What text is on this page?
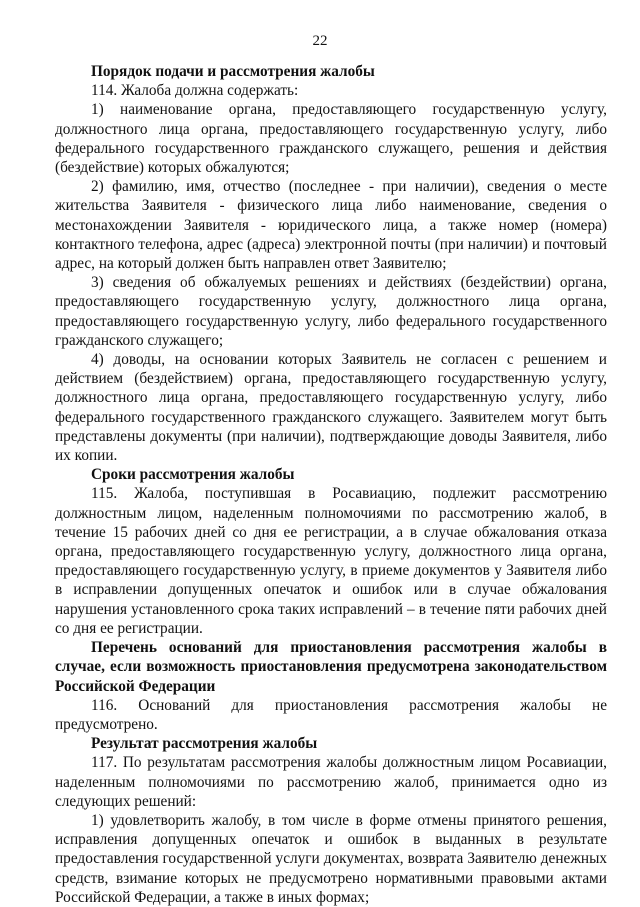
22

Порядок подачи и рассмотрения жалобы

114. Жалоба должна содержать:

1) наименование органа, предоставляющего государственную услугу, должностного лица органа, предоставляющего государственную услугу, либо федерального государственного гражданского служащего, решения и действия (бездействие) которых обжалуются;

2) фамилию, имя, отчество (последнее - при наличии), сведения о месте жительства Заявителя - физического лица либо наименование, сведения о местонахождении Заявителя - юридического лица, а также номер (номера) контактного телефона, адрес (адреса) электронной почты (при наличии) и почтовый адрес, на который должен быть направлен ответ Заявителю;

3) сведения об обжалуемых решениях и действиях (бездействии) органа, предоставляющего государственную услугу, должностного лица органа, предоставляющего государственную услугу, либо федерального государственного гражданского служащего;

4) доводы, на основании которых Заявитель не согласен с решением и действием (бездействием) органа, предоставляющего государственную услугу, должностного лица органа, предоставляющего государственную услугу, либо федерального государственного гражданского служащего. Заявителем могут быть представлены документы (при наличии), подтверждающие доводы Заявителя, либо их копии.

Сроки рассмотрения жалобы

115. Жалоба, поступившая в Росавиацию, подлежит рассмотрению должностным лицом, наделенным полномочиями по рассмотрению жалоб, в течение 15 рабочих дней со дня ее регистрации, а в случае обжалования отказа органа, предоставляющего государственную услугу, должностного лица органа, предоставляющего государственную услугу, в приеме документов у Заявителя либо в исправлении допущенных опечаток и ошибок или в случае обжалования нарушения установленного срока таких исправлений – в течение пяти рабочих дней со дня ее регистрации.

Перечень оснований для приостановления рассмотрения жалобы в случае, если возможность приостановления предусмотрена законодательством Российской Федерации

116. Оснований для приостановления рассмотрения жалобы не предусмотрено.

Результат рассмотрения жалобы

117. По результатам рассмотрения жалобы должностным лицом Росавиации, наделенным полномочиями по рассмотрению жалоб, принимается одно из следующих решений:

1) удовлетворить жалобу, в том числе в форме отмены принятого решения, исправления допущенных опечаток и ошибок в выданных в результате предоставления государственной услуги документах, возврата Заявителю денежных средств, взимание которых не предусмотрено нормативными правовыми актами Российской Федерации, а также в иных формах;
